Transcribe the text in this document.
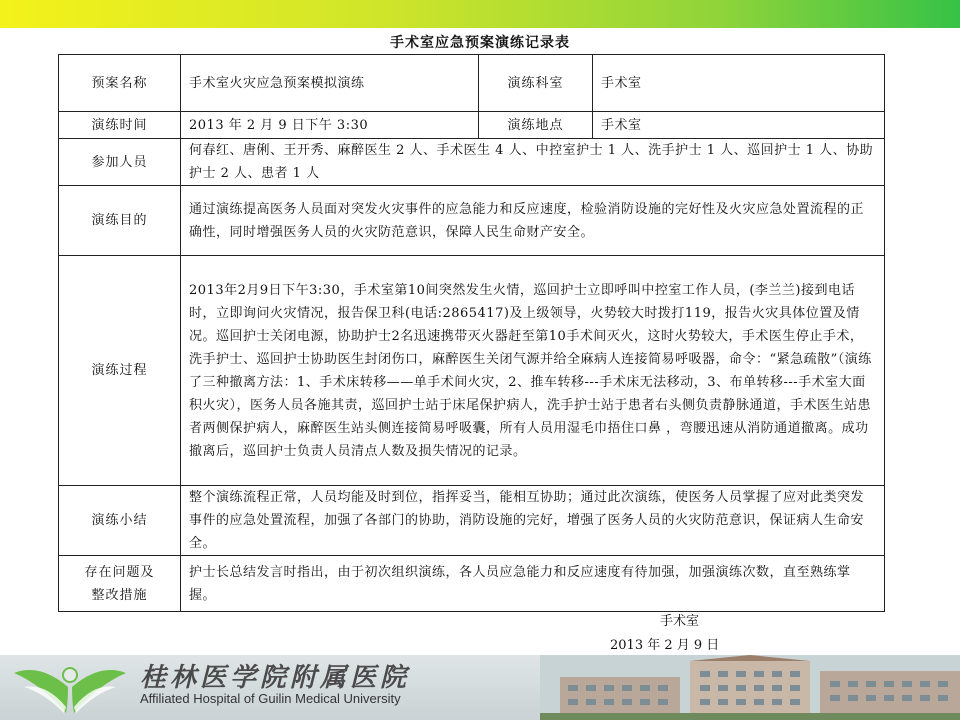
手术室应急预案演练记录表
预案名称	手术室火灾应急预案模拟演练	演练科室	手术室
演练时间	2013 年 2 月 9 日下午 3:30	演练地点	手术室
参加人员	何春红、唐俐、王开秀、麻醉医生 2 人、手术医生 4 人、中控室护士 1 人、洗手护士 1 人、巡回护士 1 人、协助护士 2 人、患者 1 人		
演练目的	通过演练提高医务人员面对突发火灾事件的应急能力和反应速度，检验消防设施的完好性及火灾应急处置流程的正确性，同时增强医务人员的火灾防范意识，保障人民生命财产安全。		
演练过程	2013年2月9日下午3:30，手术室第10间突然发生火情，巡回护士立即呼叫中控室工作人员，(李兰兰)接到电话时，立即询问火灾情况，报告保卫科(电话:2865417)及上级领导，火势较大时拨打119，报告火灾具体位置及情况。巡回护士关闭电源，协助护士2名迅速携带灭火器赶至第10手术间灭火，这时火势较大，手术医生停止手术，洗手护士、巡回护士协助医生封闭伤口，麻醉医生关闭气源并给全麻病人连接简易呼吸器，命令：“紧急疏散”（演练了三种撤离方法：1、手术床转移——单手术间火灾，2、推车转移---手术床无法移动，3、布单转移---手术室大面积火灾），医务人员各施其责，巡回护士站于床尾保护病人，洗手护士站于患者右头侧负责静脉通道，手术医生站患者两侧保护病人，麻醉医生站头侧连接简易呼吸囊，所有人员用湿毛巾捂住口鼻 ，弯腰迅速从消防通道撤离。成功撤离后，巡回护士负责人员清点人数及损失情况的记录。		
演练小结	整个演练流程正常，人员均能及时到位，指挥妥当，能相互协助；通过此次演练，使医务人员掌握了应对此类突发事件的应急处置流程，加强了各部门的协助，消防设施的完好，增强了医务人员的火灾防范意识，保证病人生命安全。		

存在问题及
整改措施	护士长总结发言时指出，由于初次组织演练，各人员应急能力和反应速度有待加强，加强演练次数，直至熟练掌握。		
手术室
2013 年 2 月 9 日
桂林医学院附属医院
Affiliated Hospital of Guilin Medical University
